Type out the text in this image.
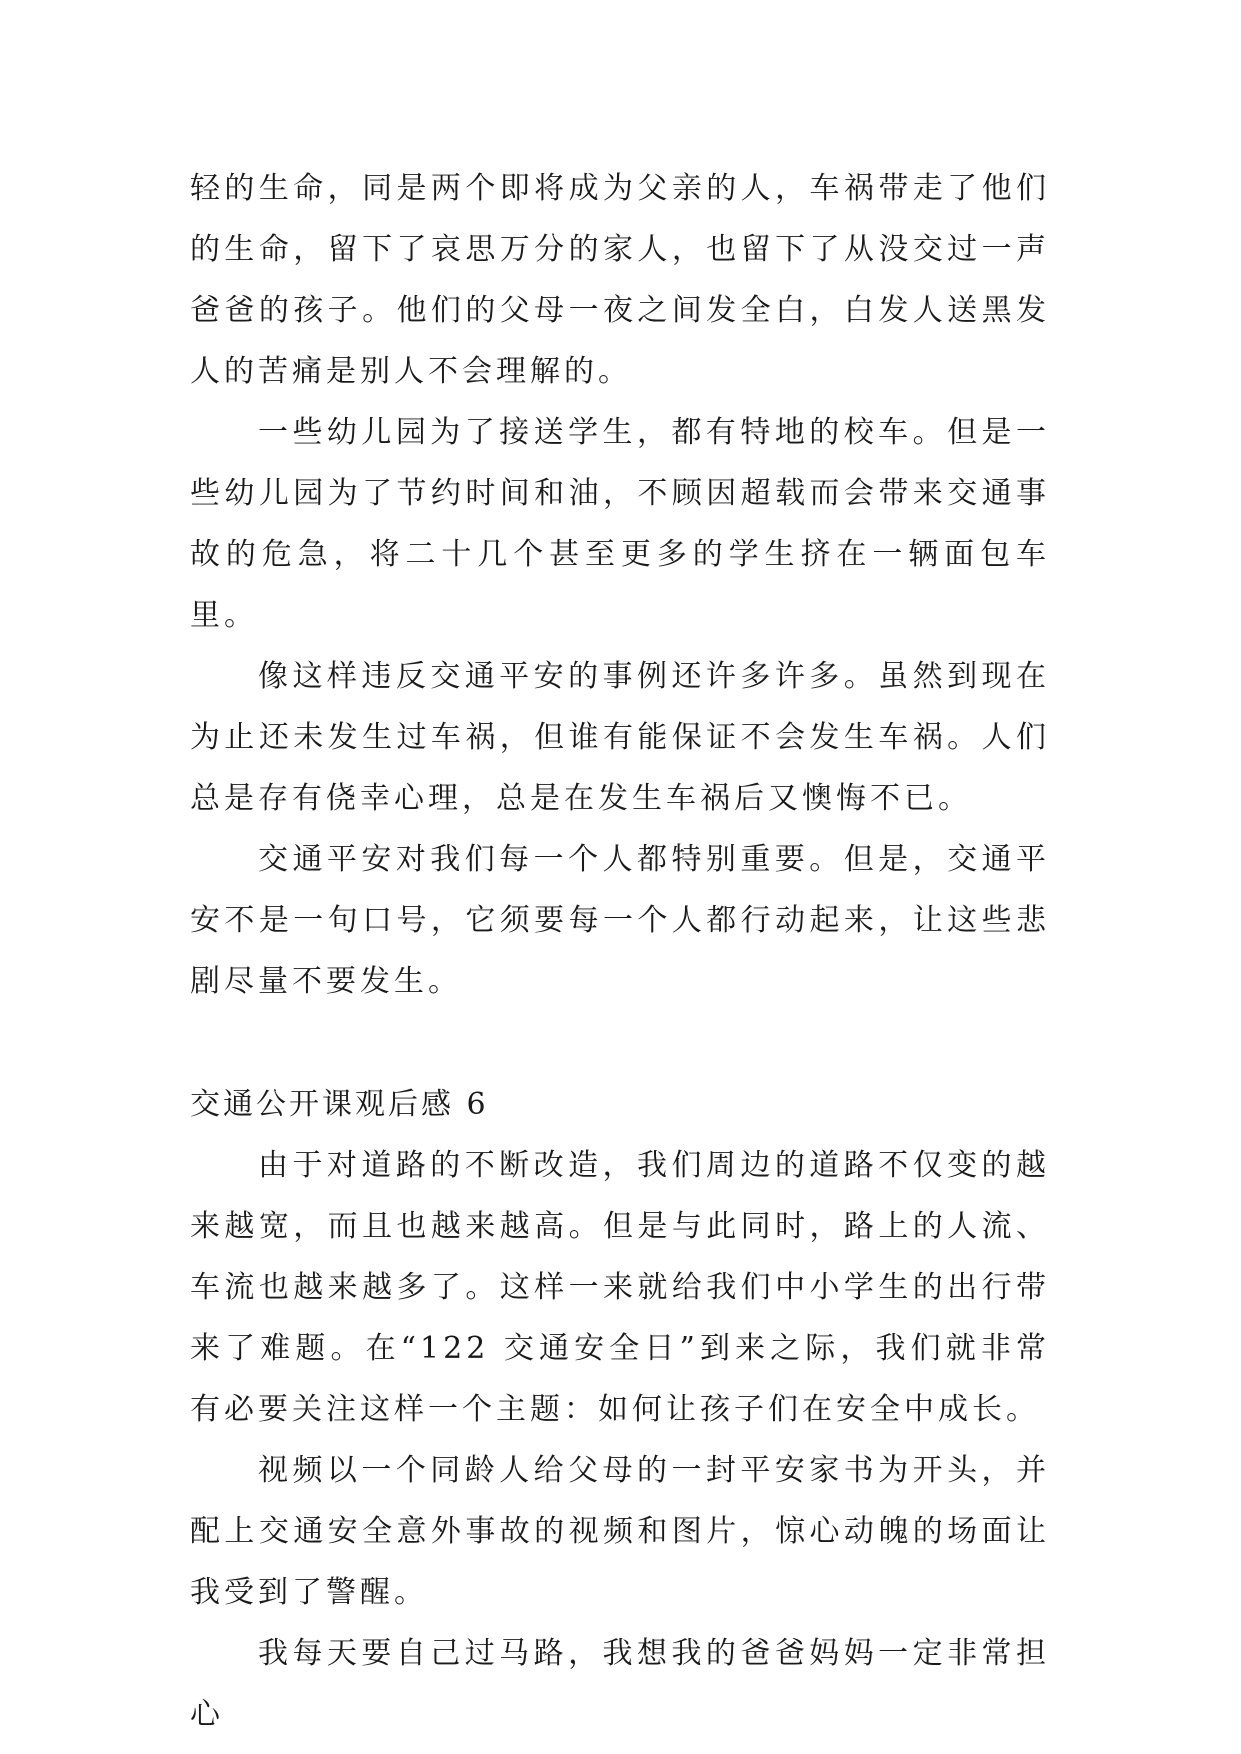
轻的生命，同是两个即将成为父亲的人，车祸带走了他们的生命，留下了哀思万分的家人，也留下了从没交过一声爸爸的孩子。他们的父母一夜之间发全白，白发人送黑发人的苦痛是别人不会理解的。

一些幼儿园为了接送学生，都有特地的校车。但是一些幼儿园为了节约时间和油，不顾因超载而会带来交通事故的危急，将二十几个甚至更多的学生挤在一辆面包车里。

像这样违反交通平安的事例还许多许多。虽然到现在为止还未发生过车祸，但谁有能保证不会发生车祸。人们总是存有侥幸心理，总是在发生车祸后又懊悔不已。

交通平安对我们每一个人都特别重要。但是，交通平安不是一句口号，它须要每一个人都行动起来，让这些悲剧尽量不要发生。

交通公开课观后感 6

由于对道路的不断改造，我们周边的道路不仅变的越来越宽，而且也越来越高。但是与此同时，路上的人流、车流也越来越多了。这样一来就给我们中小学生的出行带来了难题。在“122 交通安全日”到来之际，我们就非常有必要关注这样一个主题：如何让孩子们在安全中成长。

视频以一个同龄人给父母的一封平安家书为开头，并配上交通安全意外事故的视频和图片，惊心动魄的场面让我受到了警醒。

我每天要自己过马路，我想我的爸爸妈妈一定非常担心
